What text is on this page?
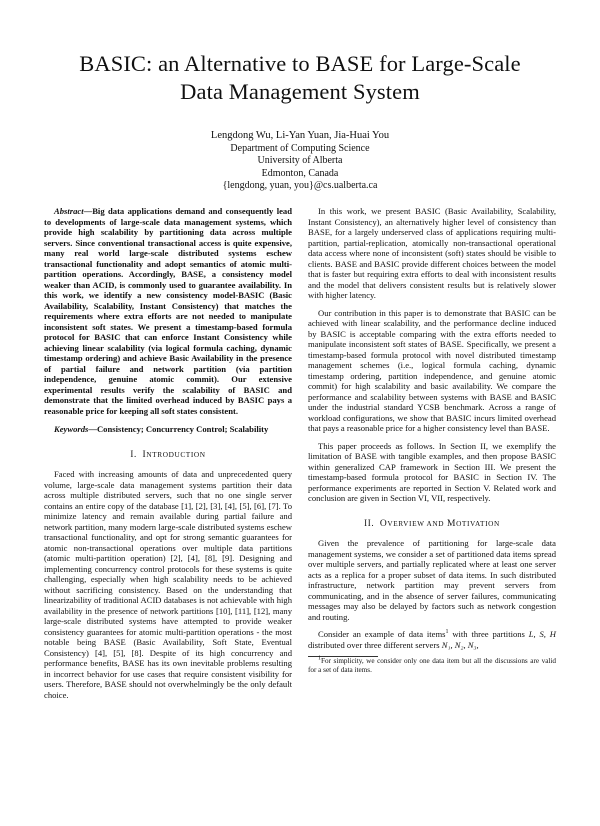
BASIC: an Alternative to BASE for Large-Scale
Data Management System
Lengdong Wu, Li-Yan Yuan, Jia-Huai You
Department of Computing Science
University of Alberta
Edmonton, Canada
{lengdong, yuan, you}@cs.ualberta.ca

Abstract—Big data applications demand and consequently lead to developments of large-scale data management systems, which provide high scalability by partitioning data across multiple servers. Since conventional transactional access is quite expensive, many real world large-scale distributed systems eschew transactional functionality and adopt semantics of atomic multi-partition operations. Accordingly, BASE, a consistency model weaker than ACID, is commonly used to guarantee availability. In this work, we identify a new consistency model-BASIC (Basic Availability, Scalability, Instant Consistency) that matches the requirements where extra efforts are not needed to manipulate inconsistent soft states. We present a timestamp-based formula protocol for BASIC that can enforce Instant Consistency while achieving linear scalability (via logical formula caching, dynamic timestamp ordering) and achieve Basic Availability in the presence of partial failure and network partition (via partition independence, genuine atomic commit). Our extensive experimental results verify the scalability of BASIC and demonstrate that the limited overhead induced by BASIC pays a reasonable price for keeping all soft states consistent.

Keywords—Consistency; Concurrency Control; Scalability

I. INTRODUCTION

Faced with increasing amounts of data and unprecedented query volume, large-scale data management systems partition their data across multiple distributed servers, such that no one single server contains an entire copy of the database [1], [2], [3], [4], [5], [6], [7]. To minimize latency and remain available during partial failure and network partition, many modern large-scale distributed systems eschew transactional functionality, and opt for strong semantic guarantees for atomic non-transactional operations over multiple data partitions (atomic multi-partition operation) [2], [4], [8], [9]. Designing and implementing concurrency control protocols for these systems is quite challenging, especially when high scalability needs to be achieved without sacrificing consistency. Based on the understanding that linearizability of traditional ACID databases is not achievable with high availability in the presence of network partitions [10], [11], [12], many large-scale distributed systems have attempted to provide weaker consistency guarantees for atomic multi-partition operations - the most notable being BASE (Basic Availability, Soft State, Eventual Consistency) [4], [5], [8]. Despite of its high concurrency and performance benefits, BASE has its own inevitable problems resulting in incorrect behavior for use cases that require consistent visibility for users. Therefore, BASE should not overwhelmingly be the only default choice.

In this work, we present BASIC (Basic Availability, Scalability, Instant Consistency), an alternatively higher level of consistency than BASE, for a largely underserved class of applications requiring multi-partition, partial-replication, atomically non-transactional operational data access where none of inconsistent (soft) states should be visible to clients. BASE and BASIC provide different choices between the model that is faster but requiring extra efforts to deal with inconsistent results and the model that delivers consistent results but is relatively slower with higher latency.

Our contribution in this paper is to demonstrate that BASIC can be achieved with linear scalability, and the performance decline induced by BASIC is acceptable comparing with the extra efforts needed to manipulate inconsistent soft states of BASE. Specifically, we present a timestamp-based formula protocol with novel distributed timestamp management schemes (i.e., logical formula caching, dynamic timestamp ordering, partition independence, and genuine atomic commit) for high scalability and basic availability. We compare the performance and scalability between systems with BASE and BASIC under the industrial standard YCSB benchmark. Across a range of workload configurations, we show that BASIC incurs limited overhead that pays a reasonable price for a higher consistency level than BASE.

This paper proceeds as follows. In Section II, we exemplify the limitation of BASE with tangible examples, and then propose BASIC within generalized CAP framework in Section III. We present the timestamp-based formula protocol for BASIC in Section IV. The performance experiments are reported in Section V. Related work and conclusion are given in Section VI, VII, respectively.

II. OVERVIEW AND MOTIVATION

Given the prevalence of partitioning for large-scale data management systems, we consider a set of partitioned data items spread over multiple servers, and partially replicated where at least one server acts as a replica for a proper subset of data items. In such distributed infrastructure, network partition may prevent servers from communicating, and in the absence of server failures, communicating messages may also be delayed by factors such as network congestion and routing.

Consider an example of data items$^1$ with three partitions L, S, H distributed over three different servers N₁, N₂, N₃,

$^1$For simplicity, we consider only one data item but all the discussions are valid for a set of data items.
